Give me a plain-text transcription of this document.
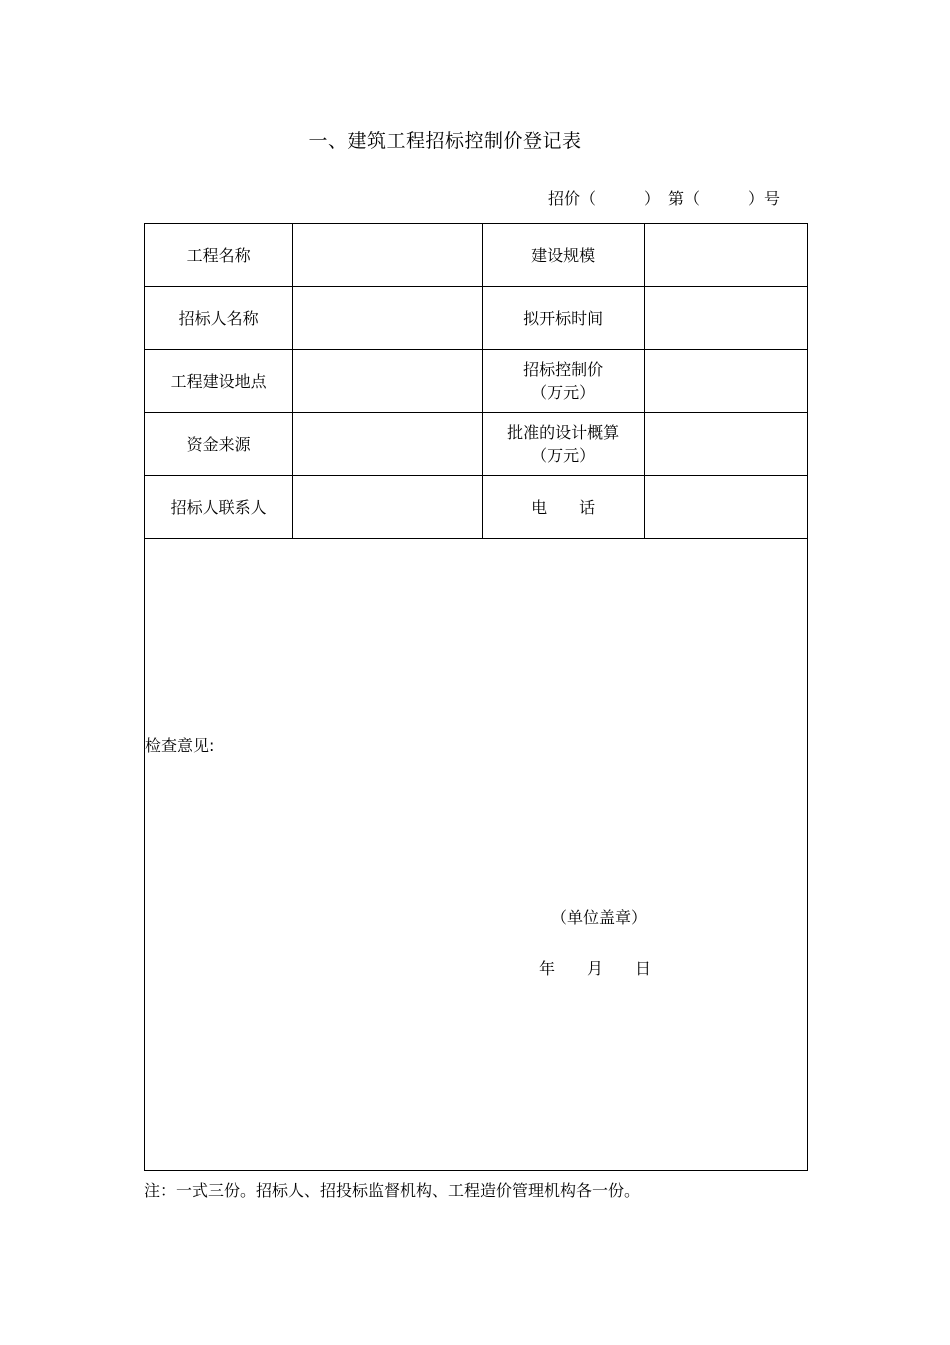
一、建筑工程招标控制价登记表
招价（　　　）　第（　　　）号
工程名称		建设规模	
招标人名称		拟开标时间	
工程建设地点		招标控制价
（万元）	

资金来源		批准的设计概算
（万元）	

招标人联系人		电　　话	

检查意见:
（单位盖章）
年　　月　　日			
注：一式三份。招标人、招投标监督机构、工程造价管理机构各一份。
